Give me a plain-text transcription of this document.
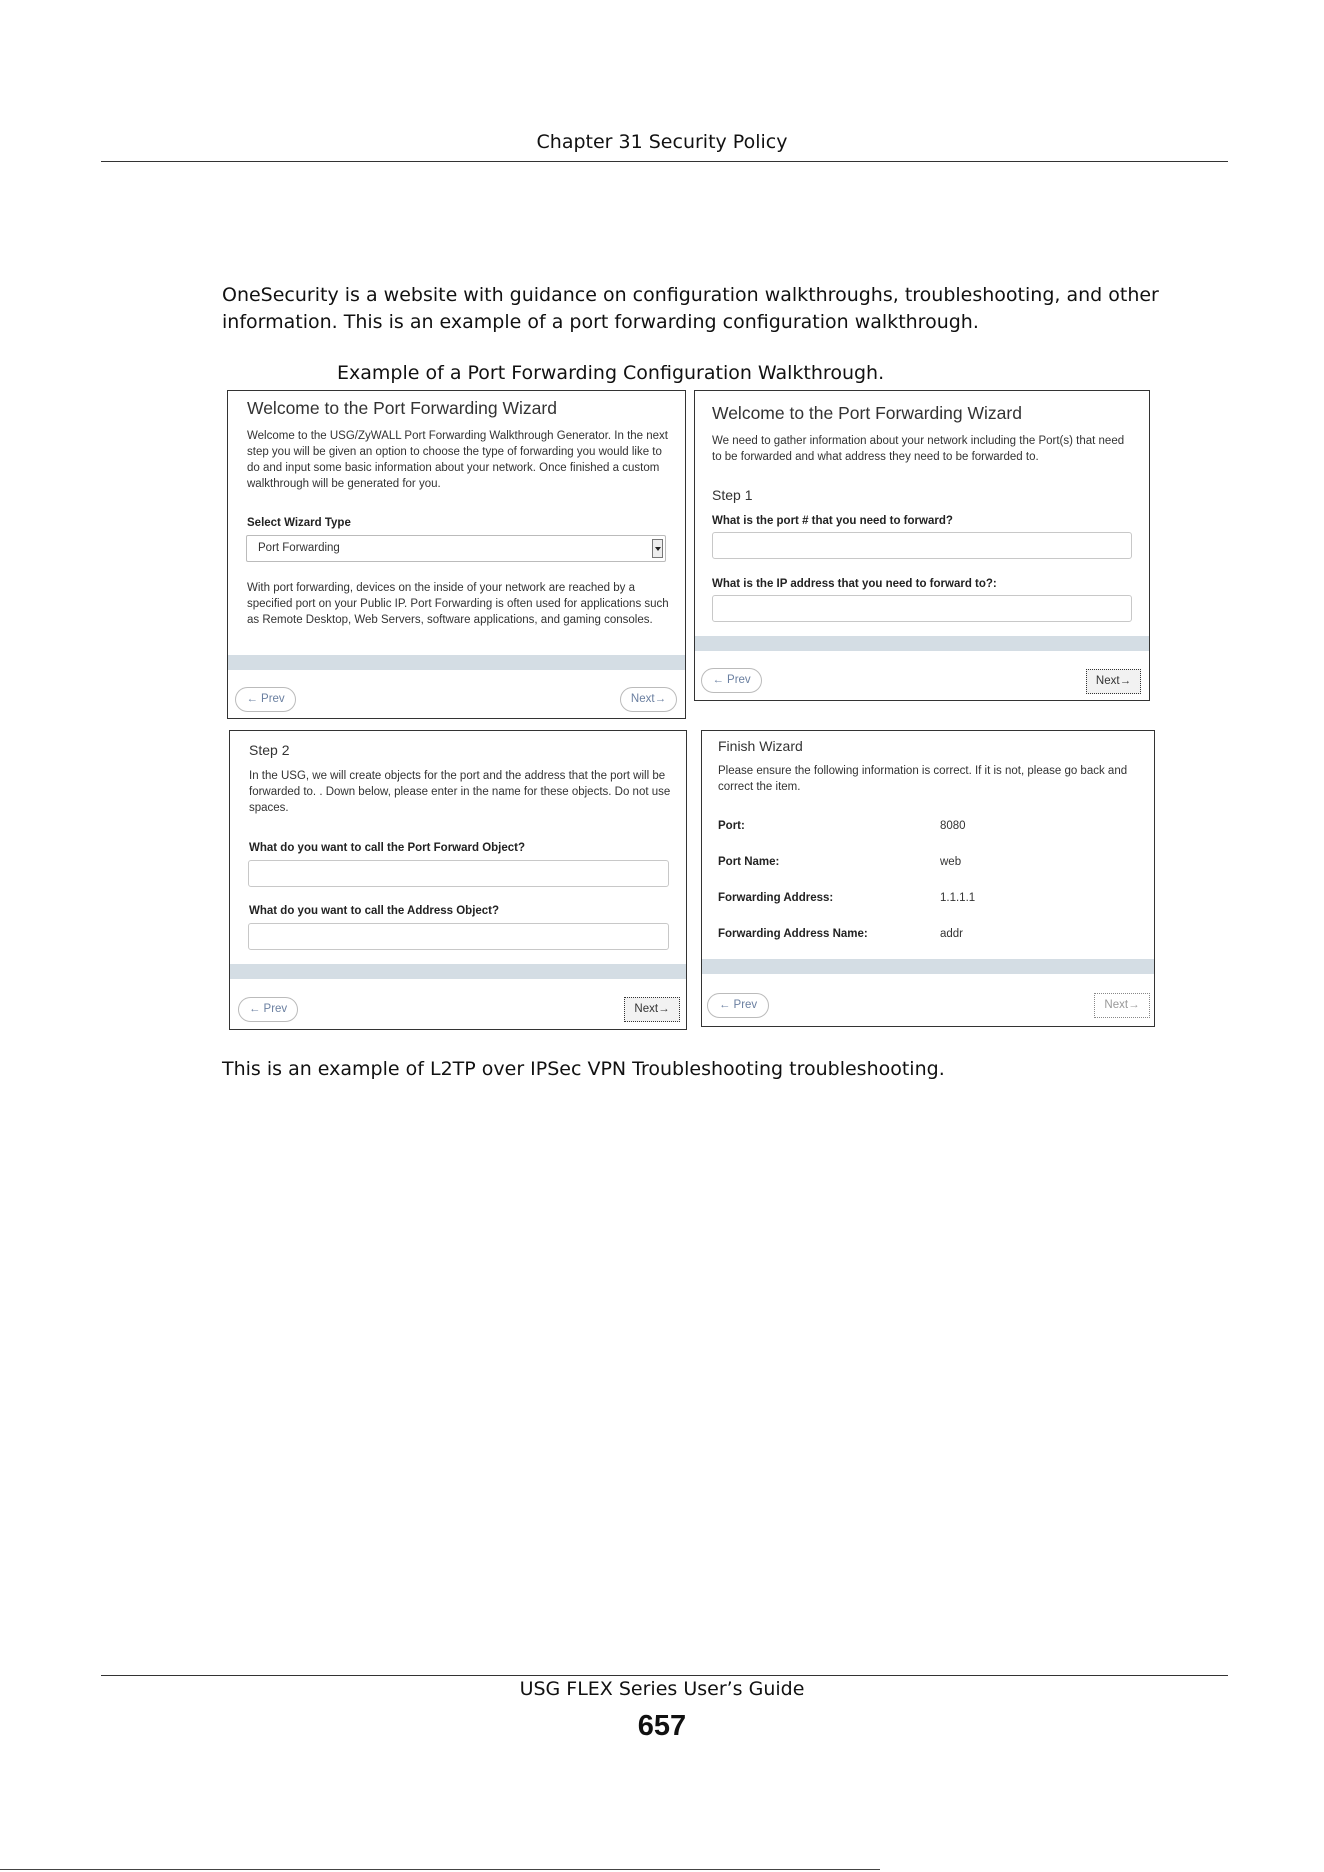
Chapter 31 Security Policy
OneSecurity is a website with guidance on configuration walkthroughs, troubleshooting, and other
information. This is an example of a port forwarding configuration walkthrough.
Example of a Port Forwarding Configuration Walkthrough.
Welcome to the Port Forwarding Wizard
Welcome to the USG/ZyWALL Port Forwarding Walkthrough Generator. In the next
step you will be given an option to choose the type of forwarding you would like to
do and input some basic information about your network. Once finished a custom
walkthrough will be generated for you.
Select Wizard Type
Port Forwarding
With port forwarding, devices on the inside of your network are reached by a
specified port on your Public IP. Port Forwarding is often used for applications such
as Remote Desktop, Web Servers, software applications, and gaming consoles.
← Prev	Next→
Welcome to the Port Forwarding Wizard
We need to gather information about your network including the Port(s) that need
to be forwarded and what address they need to be forwarded to.
Step 1
What is the port # that you need to forward?
What is the IP address that you need to forward to?:
← Prev	Next→
Step 2
In the USG, we will create objects for the port and the address that the port will be
forwarded to. . Down below, please enter in the name for these objects. Do not use
spaces.
What do you want to call the Port Forward Object?
What do you want to call the Address Object?
← Prev	Next→
Finish Wizard
Please ensure the following information is correct. If it is not, please go back and
correct the item.
Port:	8080
Port Name:	web
Forwarding Address:	1.1.1.1
Forwarding Address Name:	addr
← Prev	Next→
This is an example of L2TP over IPSec VPN Troubleshooting troubleshooting.
USG FLEX Series User’s Guide
657
